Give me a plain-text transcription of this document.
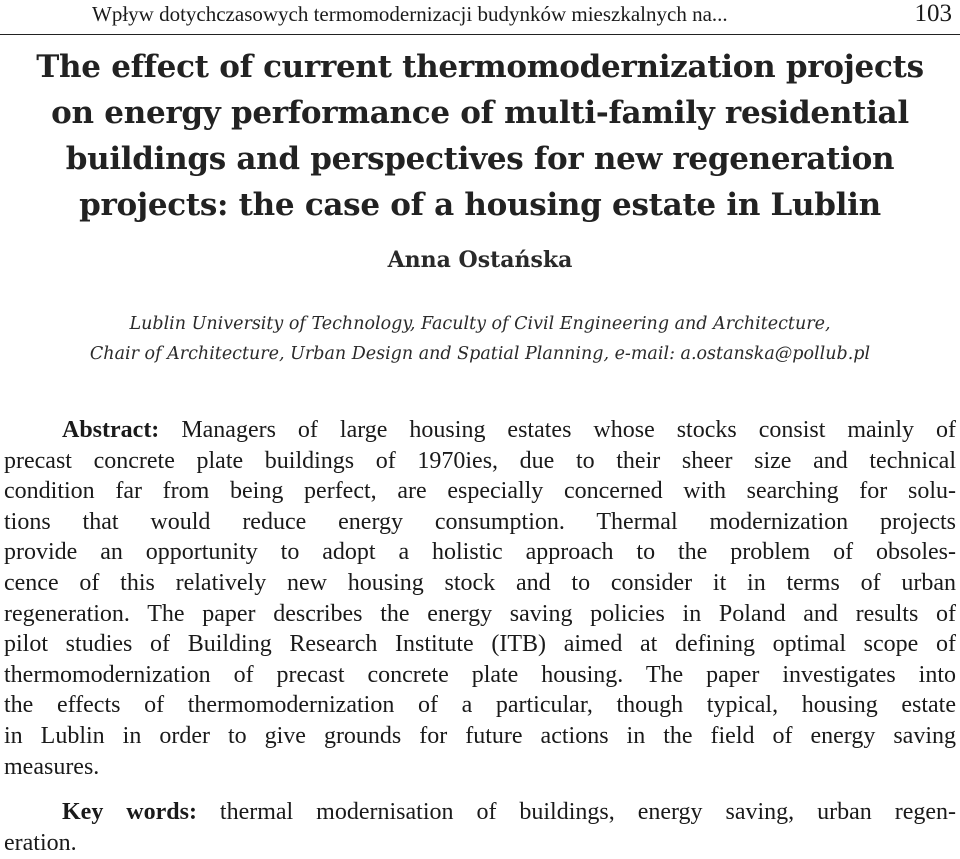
Wpływ dotychczasowych termomodernizacji budynków mieszkalnych na...	103
The effect of current thermomodernization projects
on energy performance of multi-family residential
buildings and perspectives for new regeneration
projects: the case of a housing estate in Lublin
Anna Ostańska
Lublin University of Technology, Faculty of Civil Engineering and Architecture,
Chair of Architecture, Urban Design and Spatial Planning, e-mail: a.ostanska@pollub.pl
Abstract: Managers of large housing estates whose stocks consist mainly of
precast concrete plate buildings of 1970ies, due to their sheer size and technical
condition far from being perfect, are especially concerned with searching for solu-
tions that would reduce energy consumption. Thermal modernization projects
provide an opportunity to adopt a holistic approach to the problem of obsoles-
cence of this relatively new housing stock and to consider it in terms of urban
regeneration. The paper describes the energy saving policies in Poland and results of
pilot studies of Building Research Institute (ITB) aimed at defining optimal scope of
thermomodernization of precast concrete plate housing. The paper investigates into
the effects of thermomodernization of a particular, though typical, housing estate
in Lublin in order to give grounds for future actions in the field of energy saving
measures.
Key words: thermal modernisation of buildings, energy saving, urban regen-
eration.
